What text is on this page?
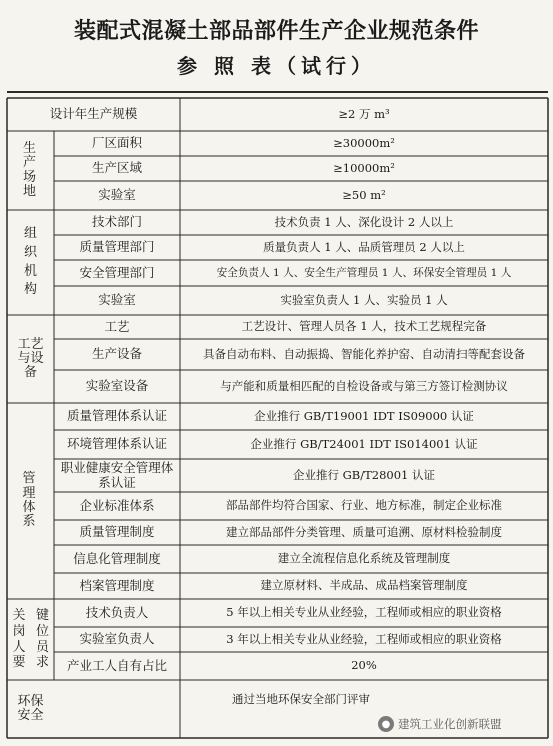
装配式混凝土部品部件生产企业规范条件
参 照 表（试行）
设计年生产规模	≥2 万 m³
生 产 场 地
厂区面积	≥30000m²
生产区域	≥10000m²
实验室	≥50 m²
组 织 机 构
技术部门	技术负责 1 人、深化设计 2 人以上
质量管理部门	质量负责人 1 人、品质管理员 2 人以上
安全管理部门	安全负责人 1 人、安全生产管理员 1 人、环保安全管理员 1 人
实验室	实验室负责人 1 人、实验员 1 人
工艺与设备
工艺	工艺设计、管理人员各 1 人，技术工艺规程完备
生产设备	具备自动布料、自动振捣、智能化养护窑、自动清扫等配套设备
实验室设备	与产能和质量相匹配的自检设备或与第三方签订检测协议
管 理 体 系
质量管理体系认证	企业推行 GB/T19001 IDT IS09000 认证
环境管理体系认证	企业推行 GB/T24001 IDT IS014001 认证
职业健康安全管理体系认证	企业推行 GB/T28001 认证
企业标准体系	部品部件均符合国家、行业、地方标准，制定企业标准
质量管理制度	建立部品部件分类管理、质量可追溯、原材料检验制度
信息化管理制度	建立全流程信息化系统及管理制度
档案管理制度	建立原材料、半成品、成品档案管理制度
关 岗 人 要
键 位 员 求
技术负责人	5 年以上相关专业从业经验，工程师或相应的职业资格
实验室负责人	3 年以上相关专业从业经验，工程师或相应的职业资格
产业工人自有占比	20%
环保安全
通过当地环保安全部门评审
● 建筑工业化创新联盟
